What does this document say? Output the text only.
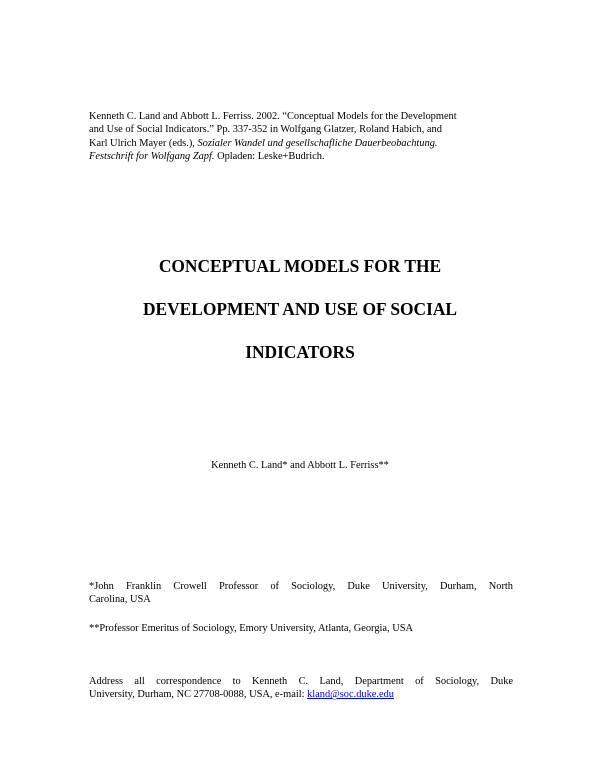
Kenneth C. Land and Abbott L. Ferriss. 2002. “Conceptual Models for the Development
and Use of Social Indicators.” Pp. 337-352 in Wolfgang Glatzer, Roland Habich, and
Karl Ulrich Mayer (eds.), Sozialer Wandel und gesellschafliche Dauerbeobachtung.
Festschrift for Wolfgang Zapf. Opladen: Leske+Budrich.
CONCEPTUAL MODELS FOR THE
DEVELOPMENT AND USE OF SOCIAL
INDICATORS

Kenneth C. Land* and Abbott L. Ferriss**

*John Franklin Crowell Professor of Sociology, Duke University, Durham, North
Carolina, USA

**Professor Emeritus of Sociology, Emory University, Atlanta, Georgia, USA

Address all correspondence to Kenneth C. Land, Department of Sociology, Duke
University, Durham, NC 27708-0088, USA, e-mail: kland@soc.duke.edu
